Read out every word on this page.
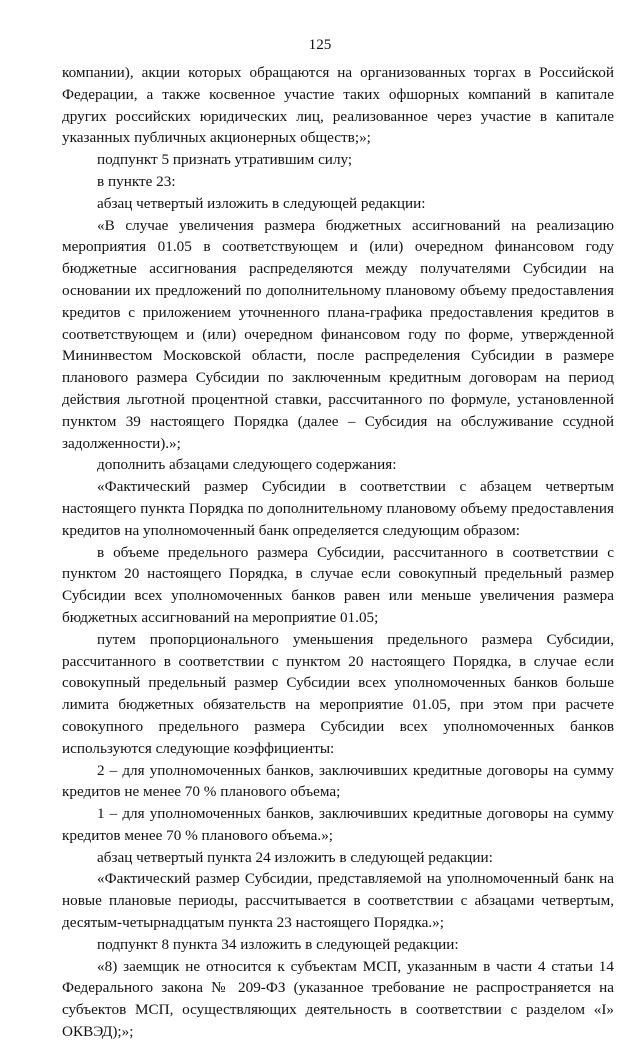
125

компании), акции которых обращаются на организованных торгах в Российской Федерации, а также косвенное участие таких офшорных компаний в капитале других российских юридических лиц, реализованное через участие в капитале указанных публичных акционерных обществ;»;

подпункт 5 признать утратившим силу;

в пункте 23:

абзац четвертый изложить в следующей редакции:

«В случае увеличения размера бюджетных ассигнований на реализацию мероприятия 01.05 в соответствующем и (или) очередном финансовом году бюджетные ассигнования распределяются между получателями Субсидии на основании их предложений по дополнительному плановому объему предоставления кредитов с приложением уточненного плана-графика предоставления кредитов в соответствующем и (или) очередном финансовом году по форме, утвержденной Мининвестом Московской области, после распределения Субсидии в размере планового размера Субсидии по заключенным кредитным договорам на период действия льготной процентной ставки, рассчитанного по формуле, установленной пунктом 39 настоящего Порядка (далее – Субсидия на обслуживание ссудной задолженности).»;

дополнить абзацами следующего содержания:

«Фактический размер Субсидии в соответствии с абзацем четвертым настоящего пункта Порядка по дополнительному плановому объему предоставления кредитов на уполномоченный банк определяется следующим образом:

в объеме предельного размера Субсидии, рассчитанного в соответствии с пунктом 20 настоящего Порядка, в случае если совокупный предельный размер Субсидии всех уполномоченных банков равен или меньше увеличения размера бюджетных ассигнований на мероприятие 01.05;

путем пропорционального уменьшения предельного размера Субсидии, рассчитанного в соответствии с пунктом 20 настоящего Порядка, в случае если совокупный предельный размер Субсидии всех уполномоченных банков больше лимита бюджетных обязательств на мероприятие 01.05, при этом при расчете совокупного предельного размера Субсидии всех уполномоченных банков используются следующие коэффициенты:

2 – для уполномоченных банков, заключивших кредитные договоры на сумму кредитов не менее 70 % планового объема;

1 – для уполномоченных банков, заключивших кредитные договоры на сумму кредитов менее 70 % планового объема.»;

абзац четвертый пункта 24 изложить в следующей редакции:

«Фактический размер Субсидии, представляемой на уполномоченный банк на новые плановые периоды, рассчитывается в соответствии с абзацами четвертым, десятым-четырнадцатым пункта 23 настоящего Порядка.»;

подпункт 8 пункта 34 изложить в следующей редакции:

«8) заемщик не относится к субъектам МСП, указанным в части 4 статьи 14 Федерального закона № 209-ФЗ (указанное требование не распространяется на субъектов МСП, осуществляющих деятельность в соответствии с разделом «I» ОКВЭД);»;
